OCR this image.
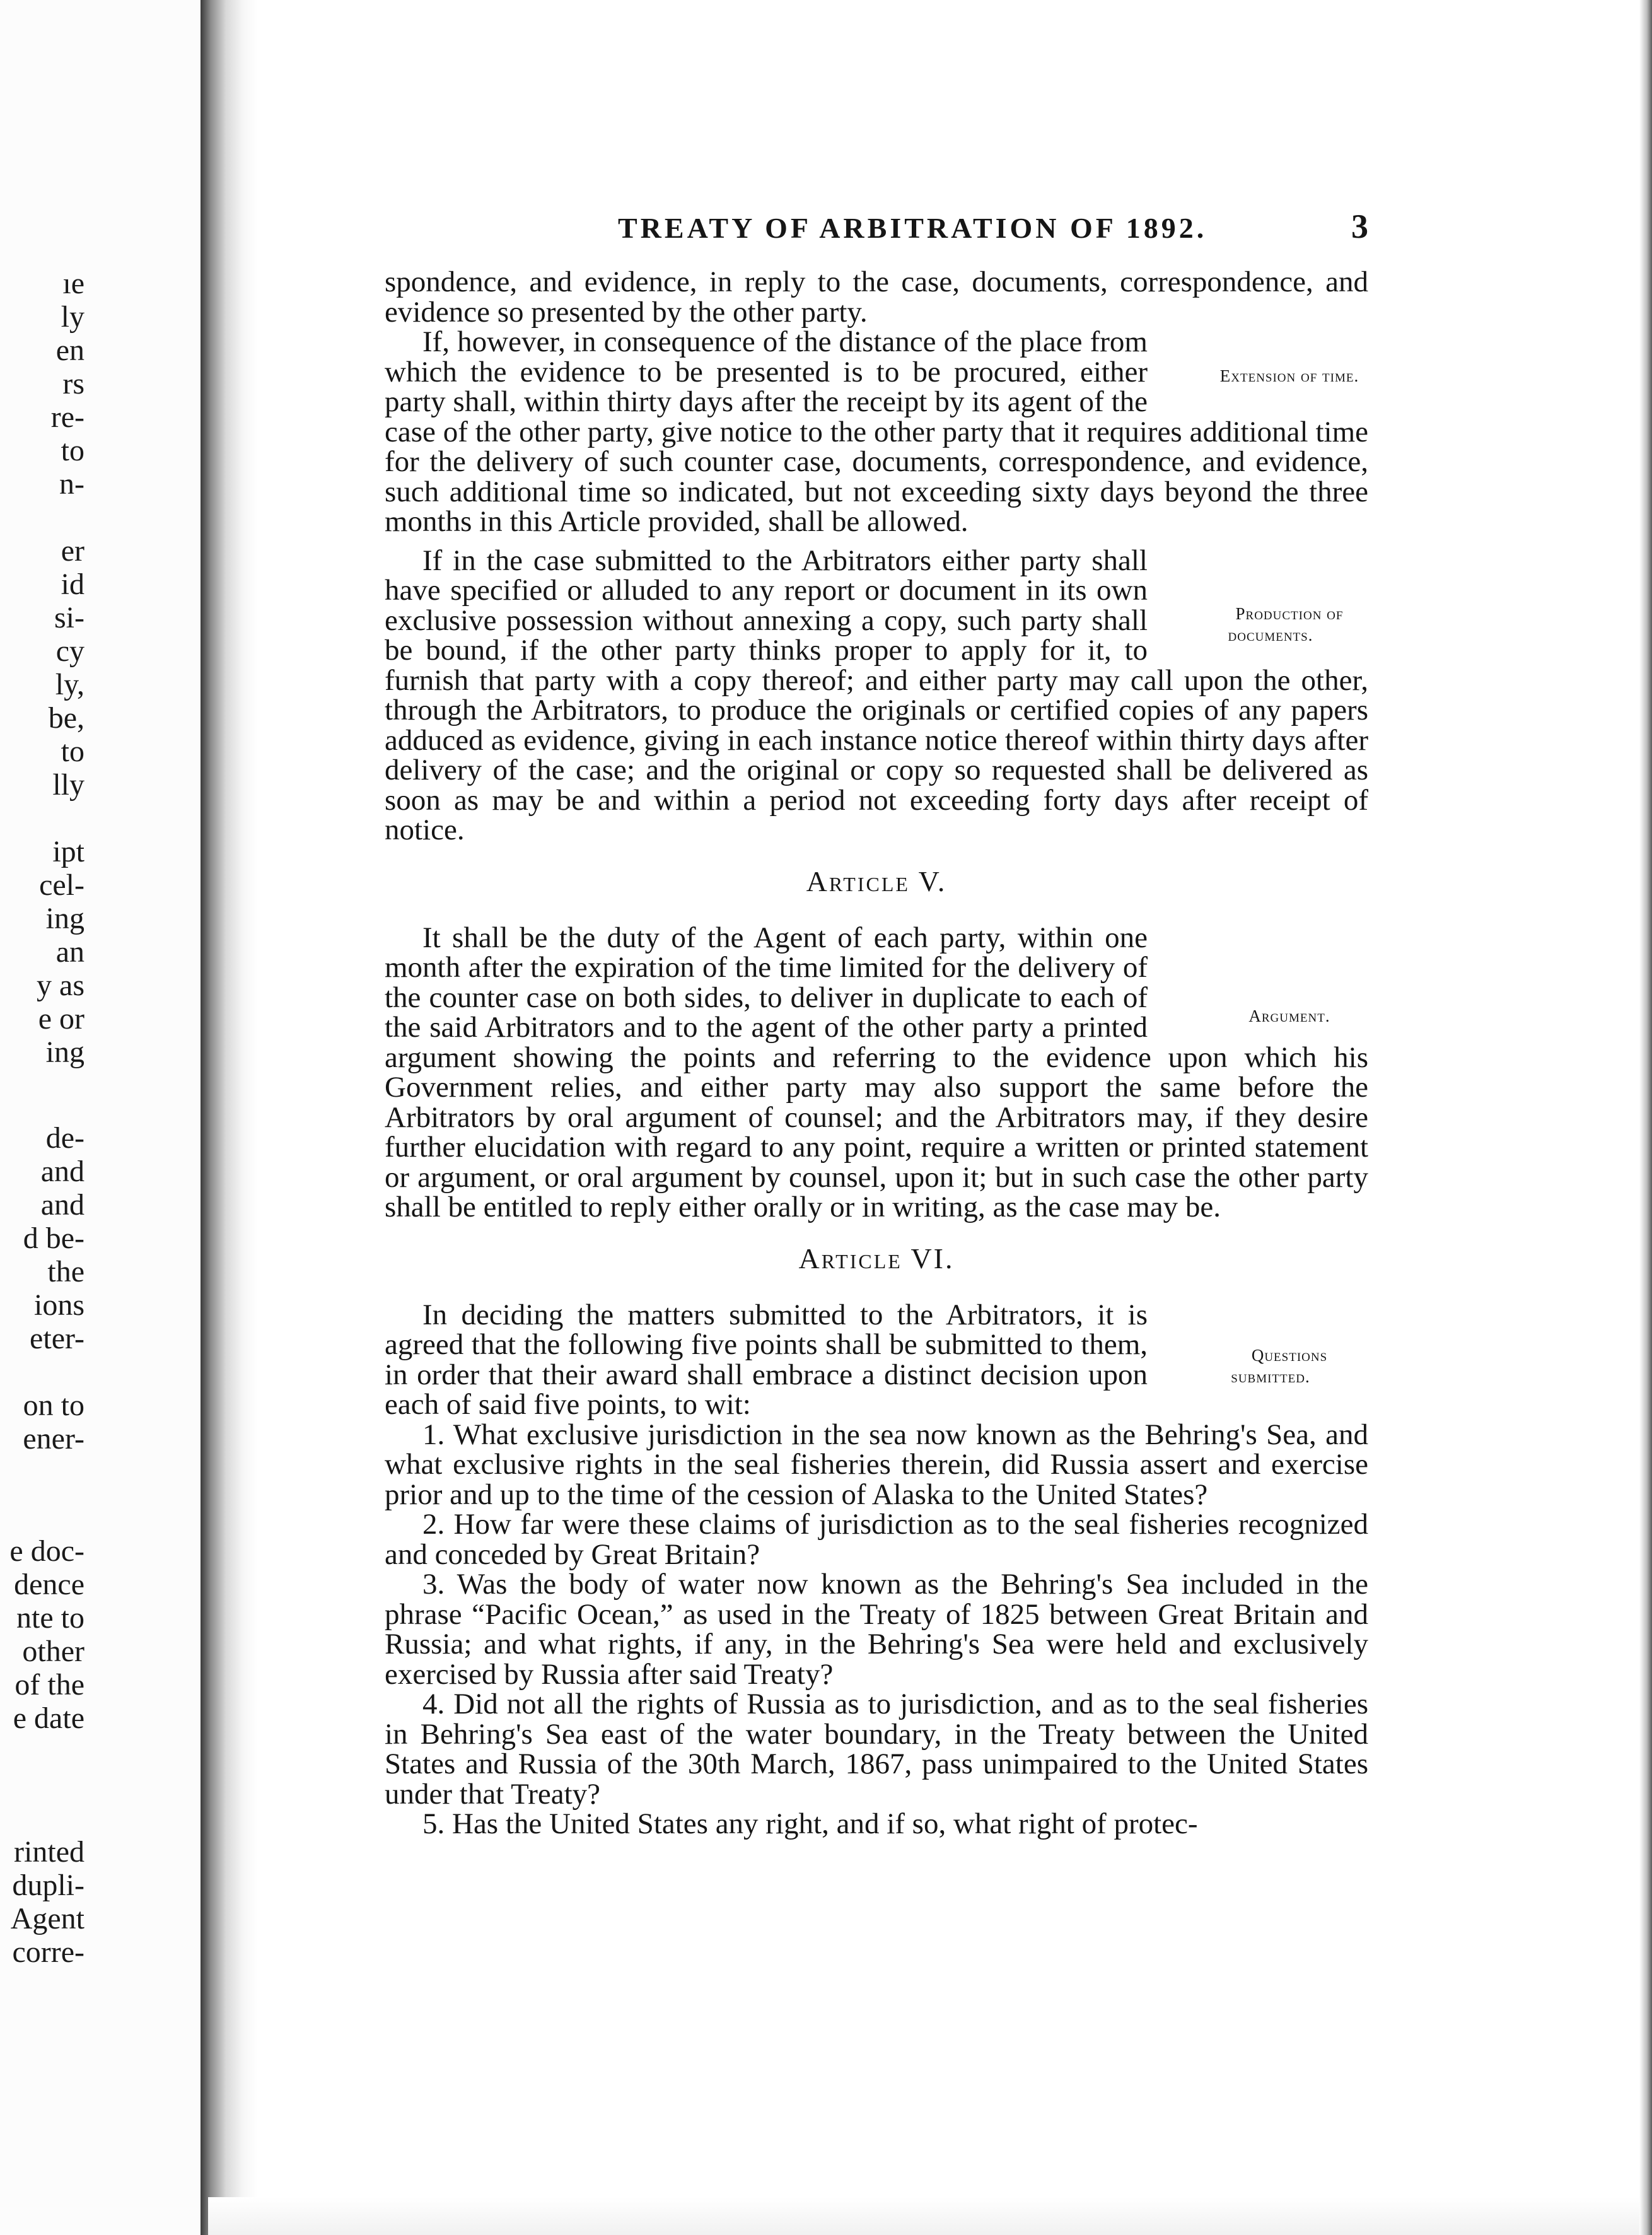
ıe
ly
en
rs
re-
to
n-
er
id
si-
cy
ly,
be,
to
lly
ipt
cel-
ing
an
y as
e or
ing
de-
and
and
d be-
the
ions
eter-
on to
ener-
e doc-
dence
nte to
other
of the
e date
rinted
dupli-
Agent
corre-
TREATY OF ARBITRATION OF 1892.	3

spondence, and evidence, in reply to the case, documents, correspondence, and evidence so presented by the other party.

Extension of time.
If, however, in consequence of the distance of the place from which the evidence to be presented is to be procured, either party shall, within thirty days after the receipt by its agent of the case of the other party, give notice to the other party that it requires additional time for the delivery of such counter case, documents, correspondence, and evidence, such additional time so indicated, but not exceeding sixty days beyond the three months in this Article provided, shall be allowed.

Production of documents.
If in the case submitted to the Arbitrators either party shall have specified or alluded to any report or document in its own exclusive possession without annexing a copy, such party shall be bound, if the other party thinks proper to apply for it, to furnish that party with a copy thereof; and either party may call upon the other, through the Arbitrators, to produce the originals or certified copies of any papers adduced as evidence, giving in each instance notice thereof within thirty days after delivery of the case; and the original or copy so requested shall be delivered as soon as may be and within a period not exceeding forty days after receipt of notice.

Article V.

Argument.
It shall be the duty of the Agent of each party, within one month after the expiration of the time limited for the delivery of the counter case on both sides, to deliver in duplicate to each of the said Arbitrators and to the agent of the other party a printed argument showing the points and referring to the evidence upon which his Government relies, and either party may also support the same before the Arbitrators by oral argument of counsel; and the Arbitrators may, if they desire further elucidation with regard to any point, require a written or printed statement or argument, or oral argument by counsel, upon it; but in such case the other party shall be entitled to reply either orally or in writing, as the case may be.

Article VI.

Questions submitted.
In deciding the matters submitted to the Arbitrators, it is agreed that the following five points shall be submitted to them, in order that their award shall embrace a distinct decision upon each of said five points, to wit:

1. What exclusive jurisdiction in the sea now known as the Behring's Sea, and what exclusive rights in the seal fisheries therein, did Russia assert and exercise prior and up to the time of the cession of Alaska to the United States?

2. How far were these claims of jurisdiction as to the seal fisheries recognized and conceded by Great Britain?

3. Was the body of water now known as the Behring's Sea included in the phrase “Pacific Ocean,” as used in the Treaty of 1825 between Great Britain and Russia; and what rights, if any, in the Behring's Sea were held and exclusively exercised by Russia after said Treaty?

4. Did not all the rights of Russia as to jurisdiction, and as to the seal fisheries in Behring's Sea east of the water boundary, in the Treaty between the United States and Russia of the 30th March, 1867, pass unimpaired to the United States under that Treaty?

5. Has the United States any right, and if so, what right of protec-
